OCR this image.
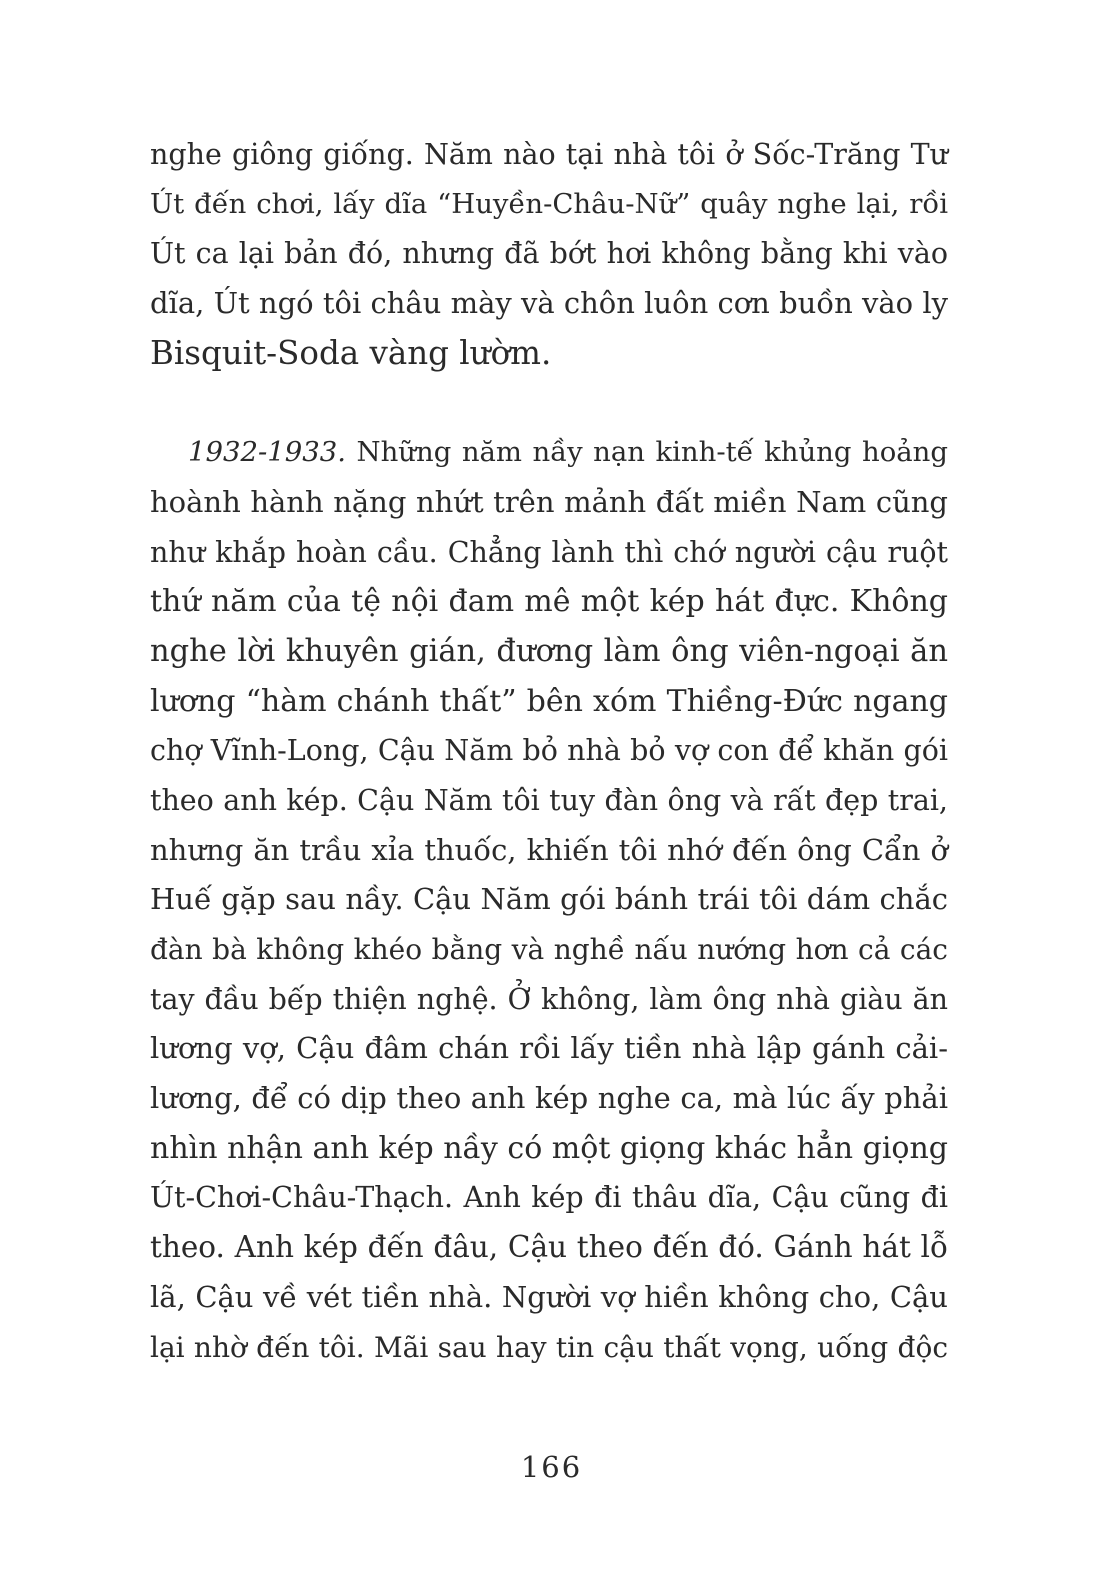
nghe giông giống. Năm nào tại nhà tôi ở Sốc-Trăng Tư
Út đến chơi, lấy dĩa “Huyền-Châu-Nữ” quây nghe lại, rồi
Út ca lại bản đó, nhưng đã bớt hơi không bằng khi vào
dĩa, Út ngó tôi châu mày và chôn luôn cơn buồn vào ly
Bisquit-Soda vàng lườm.
1932-1933. Những năm nầy nạn kinh-tế khủng hoảng
hoành hành nặng nhứt trên mảnh đất miền Nam cũng
như khắp hoàn cầu. Chẳng lành thì chớ người cậu ruột
thứ năm của tệ nội đam mê một kép hát đực. Không
nghe lời khuyên gián, đương làm ông viên-ngoại ăn
lương “hàm chánh thất” bên xóm Thiềng-Đức ngang
chợ Vĩnh-Long, Cậu Năm bỏ nhà bỏ vợ con để khăn gói
theo anh kép. Cậu Năm tôi tuy đàn ông và rất đẹp trai,
nhưng ăn trầu xỉa thuốc, khiến tôi nhớ đến ông Cẩn ở
Huế gặp sau nầy. Cậu Năm gói bánh trái tôi dám chắc
đàn bà không khéo bằng và nghề nấu nướng hơn cả các
tay đầu bếp thiện nghệ. Ở không, làm ông nhà giàu ăn
lương vợ, Cậu đâm chán rồi lấy tiền nhà lập gánh cải-
lương, để có dịp theo anh kép nghe ca, mà lúc ấy phải
nhìn nhận anh kép nầy có một giọng khác hẳn giọng
Út-Chơi-Châu-Thạch. Anh kép đi thâu dĩa, Cậu cũng đi
theo. Anh kép đến đâu, Cậu theo đến đó. Gánh hát lỗ
lã, Cậu về vét tiền nhà. Người vợ hiền không cho, Cậu
lại nhờ đến tôi. Mãi sau hay tin cậu thất vọng, uống độc
166
